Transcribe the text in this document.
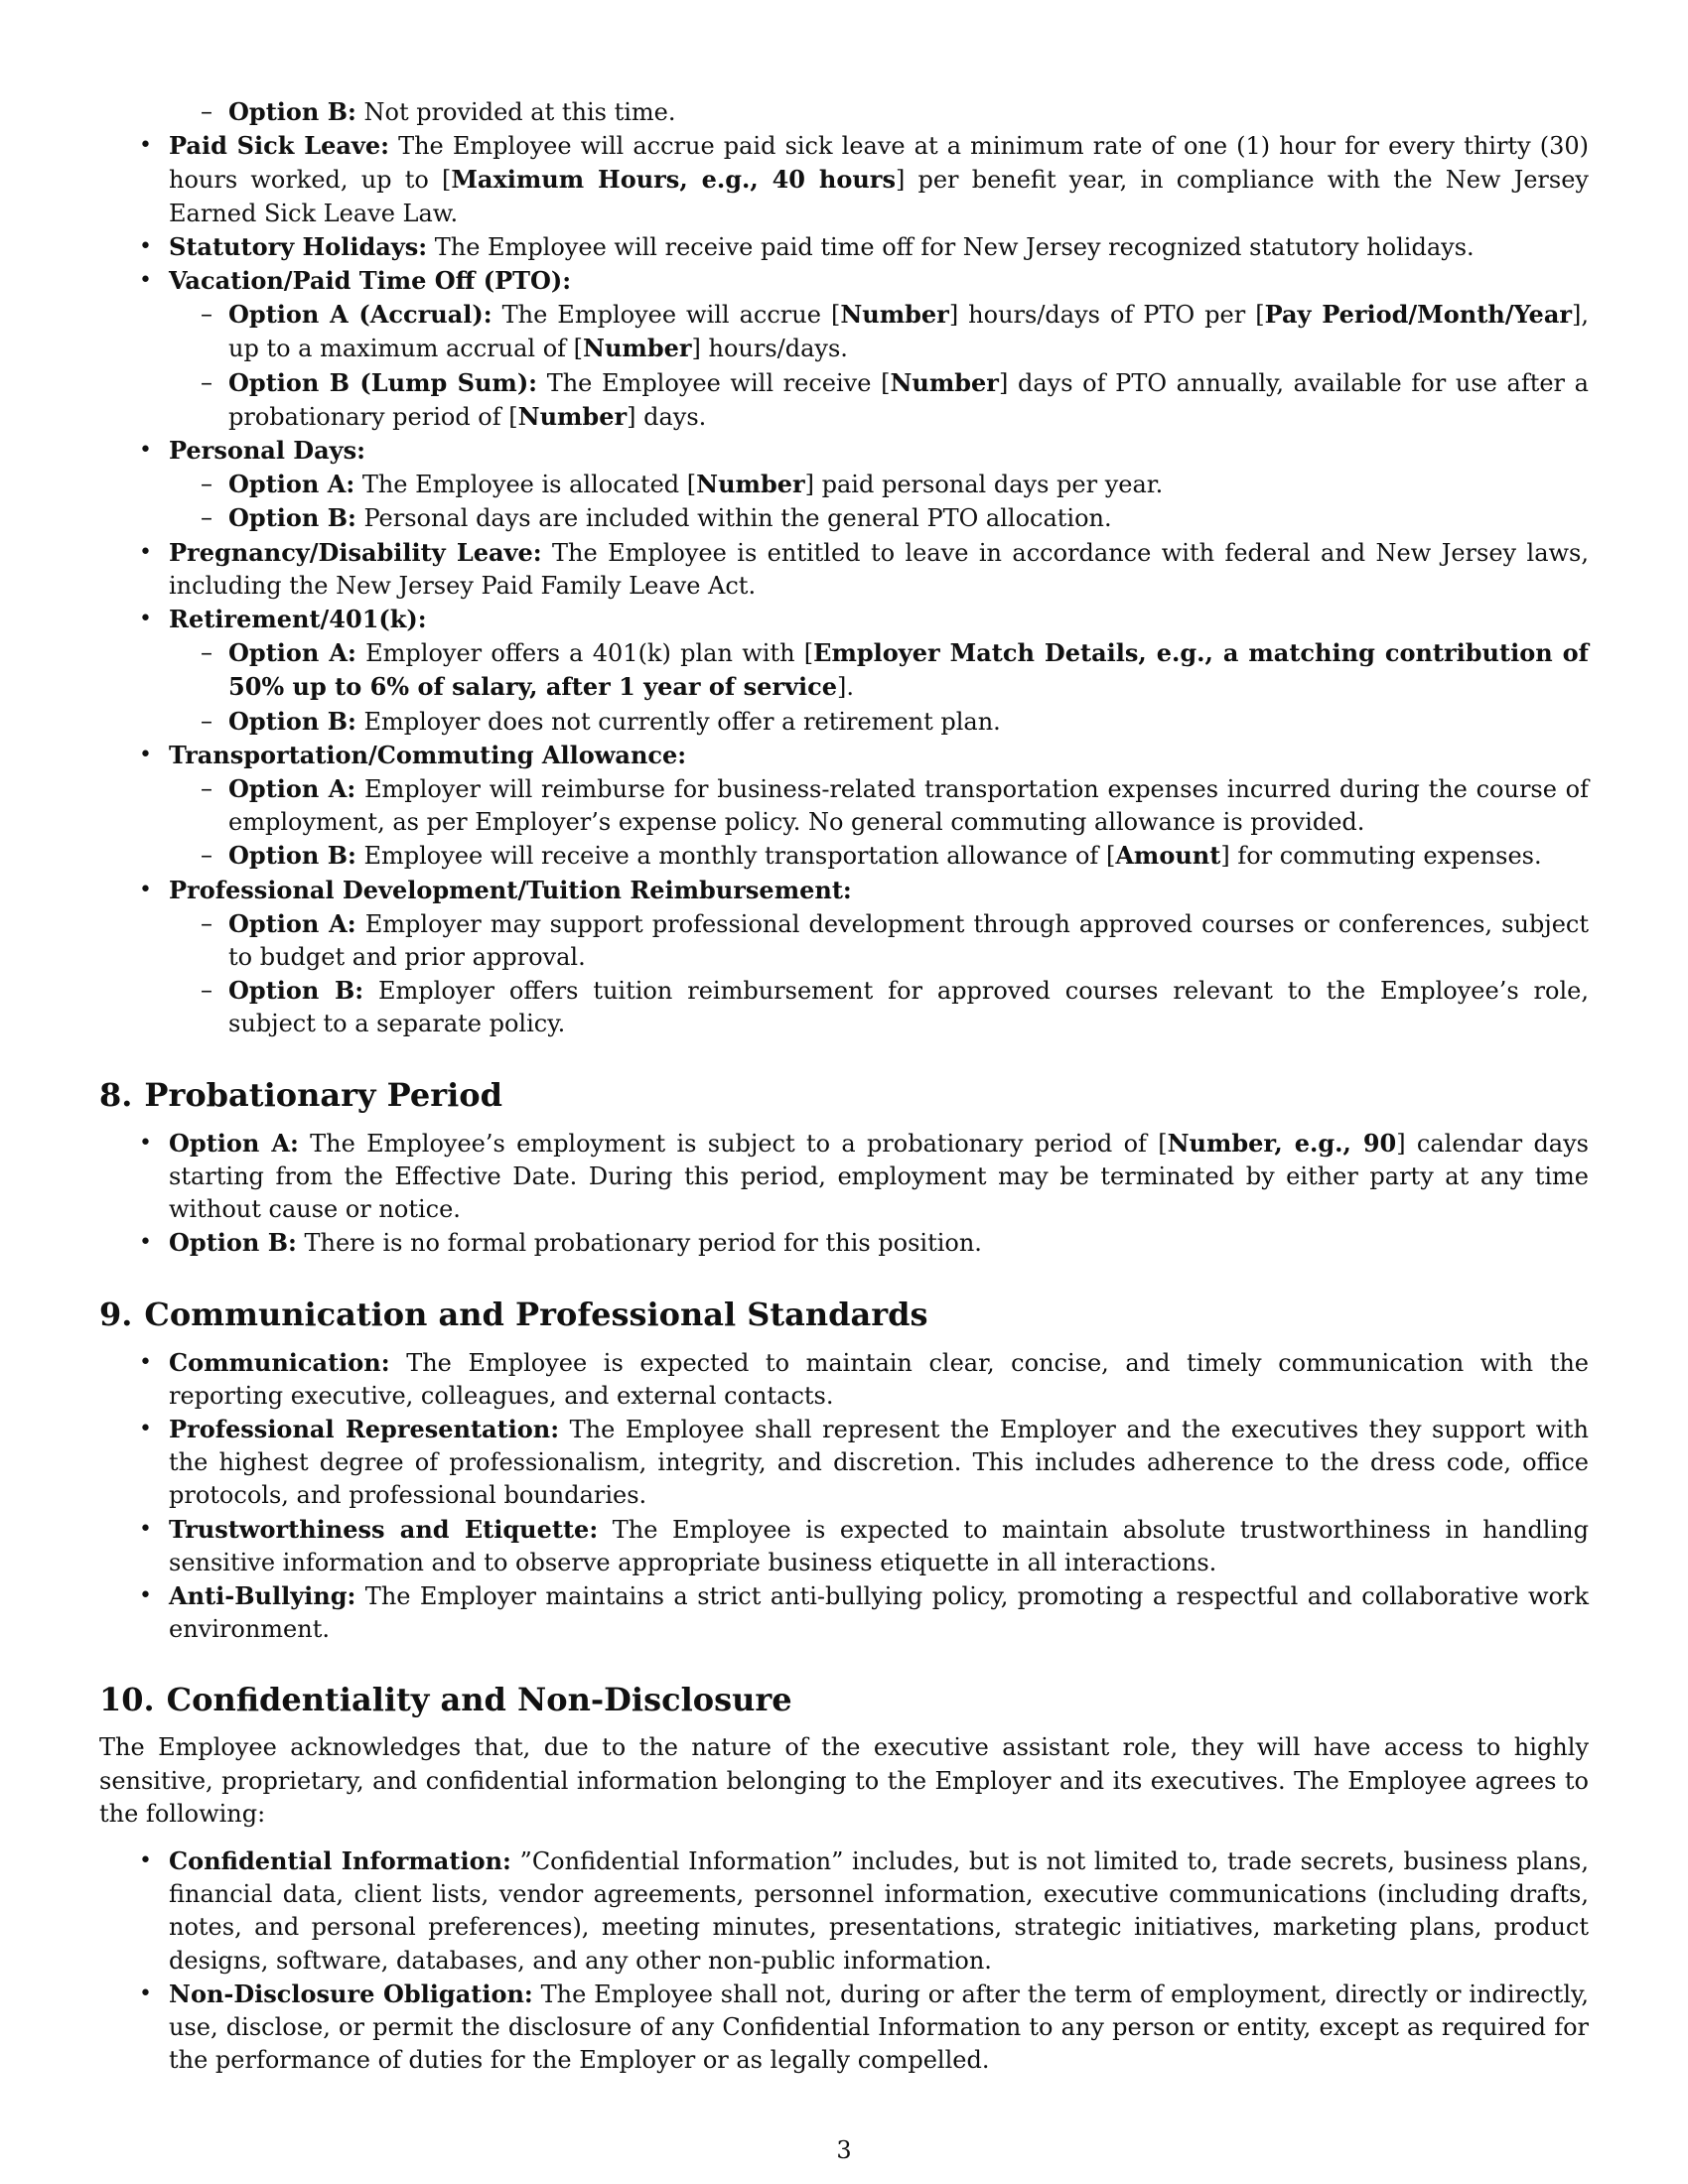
– Option B: Not provided at this time.
• Paid Sick Leave: The Employee will accrue paid sick leave at a minimum rate of one (1) hour for every thirty (30) hours worked, up to [Maximum Hours, e.g., 40 hours] per benefit year, in compliance with the New Jersey Earned Sick Leave Law.
• Statutory Holidays: The Employee will receive paid time off for New Jersey recognized statutory holidays.
• Vacation/Paid Time Off (PTO):
– Option A (Accrual): The Employee will accrue [Number] hours/days of PTO per [Pay Period/Month/Year], up to a maximum accrual of [Number] hours/days.
– Option B (Lump Sum): The Employee will receive [Number] days of PTO annually, available for use after a probationary period of [Number] days.
• Personal Days:
– Option A: The Employee is allocated [Number] paid personal days per year.
– Option B: Personal days are included within the general PTO allocation.
• Pregnancy/Disability Leave: The Employee is entitled to leave in accordance with federal and New Jersey laws, including the New Jersey Paid Family Leave Act.
• Retirement/401(k):
– Option A: Employer offers a 401(k) plan with [Employer Match Details, e.g., a matching contribution of 50% up to 6% of salary, after 1 year of service].
– Option B: Employer does not currently offer a retirement plan.
• Transportation/Commuting Allowance:
– Option A: Employer will reimburse for business-related transportation expenses incurred during the course of employment, as per Employer’s expense policy. No general commuting allowance is provided.
– Option B: Employee will receive a monthly transportation allowance of [Amount] for commuting expenses.
• Professional Development/Tuition Reimbursement:
– Option A: Employer may support professional development through approved courses or conferences, subject to budget and prior approval.
– Option B: Employer offers tuition reimbursement for approved courses relevant to the Employee’s role, subject to a separate policy.
8. Probationary Period
• Option A: The Employee’s employment is subject to a probationary period of [Number, e.g., 90] calendar days starting from the Effective Date. During this period, employment may be terminated by either party at any time without cause or notice.
• Option B: There is no formal probationary period for this position.
9. Communication and Professional Standards
• Communication: The Employee is expected to maintain clear, concise, and timely communication with the reporting executive, colleagues, and external contacts.
• Professional Representation: The Employee shall represent the Employer and the executives they support with the highest degree of professionalism, integrity, and discretion. This includes adherence to the dress code, office protocols, and professional boundaries.
• Trustworthiness and Etiquette: The Employee is expected to maintain absolute trustworthiness in handling sensitive information and to observe appropriate business etiquette in all interactions.
• Anti-Bullying: The Employer maintains a strict anti-bullying policy, promoting a respectful and collaborative work environment.
10. Confidentiality and Non-Disclosure

The Employee acknowledges that, due to the nature of the executive assistant role, they will have access to highly sensitive, proprietary, and confidential information belonging to the Employer and its executives. The Employee agrees to the following:

• Confidential Information: ”Confidential Information” includes, but is not limited to, trade secrets, business plans, financial data, client lists, vendor agreements, personnel information, executive communications (including drafts, notes, and personal preferences), meeting minutes, presentations, strategic initiatives, marketing plans, product designs, software, databases, and any other non-public information.
• Non-Disclosure Obligation: The Employee shall not, during or after the term of employment, directly or indirectly, use, disclose, or permit the disclosure of any Confidential Information to any person or entity, except as required for the performance of duties for the Employer or as legally compelled.
3
